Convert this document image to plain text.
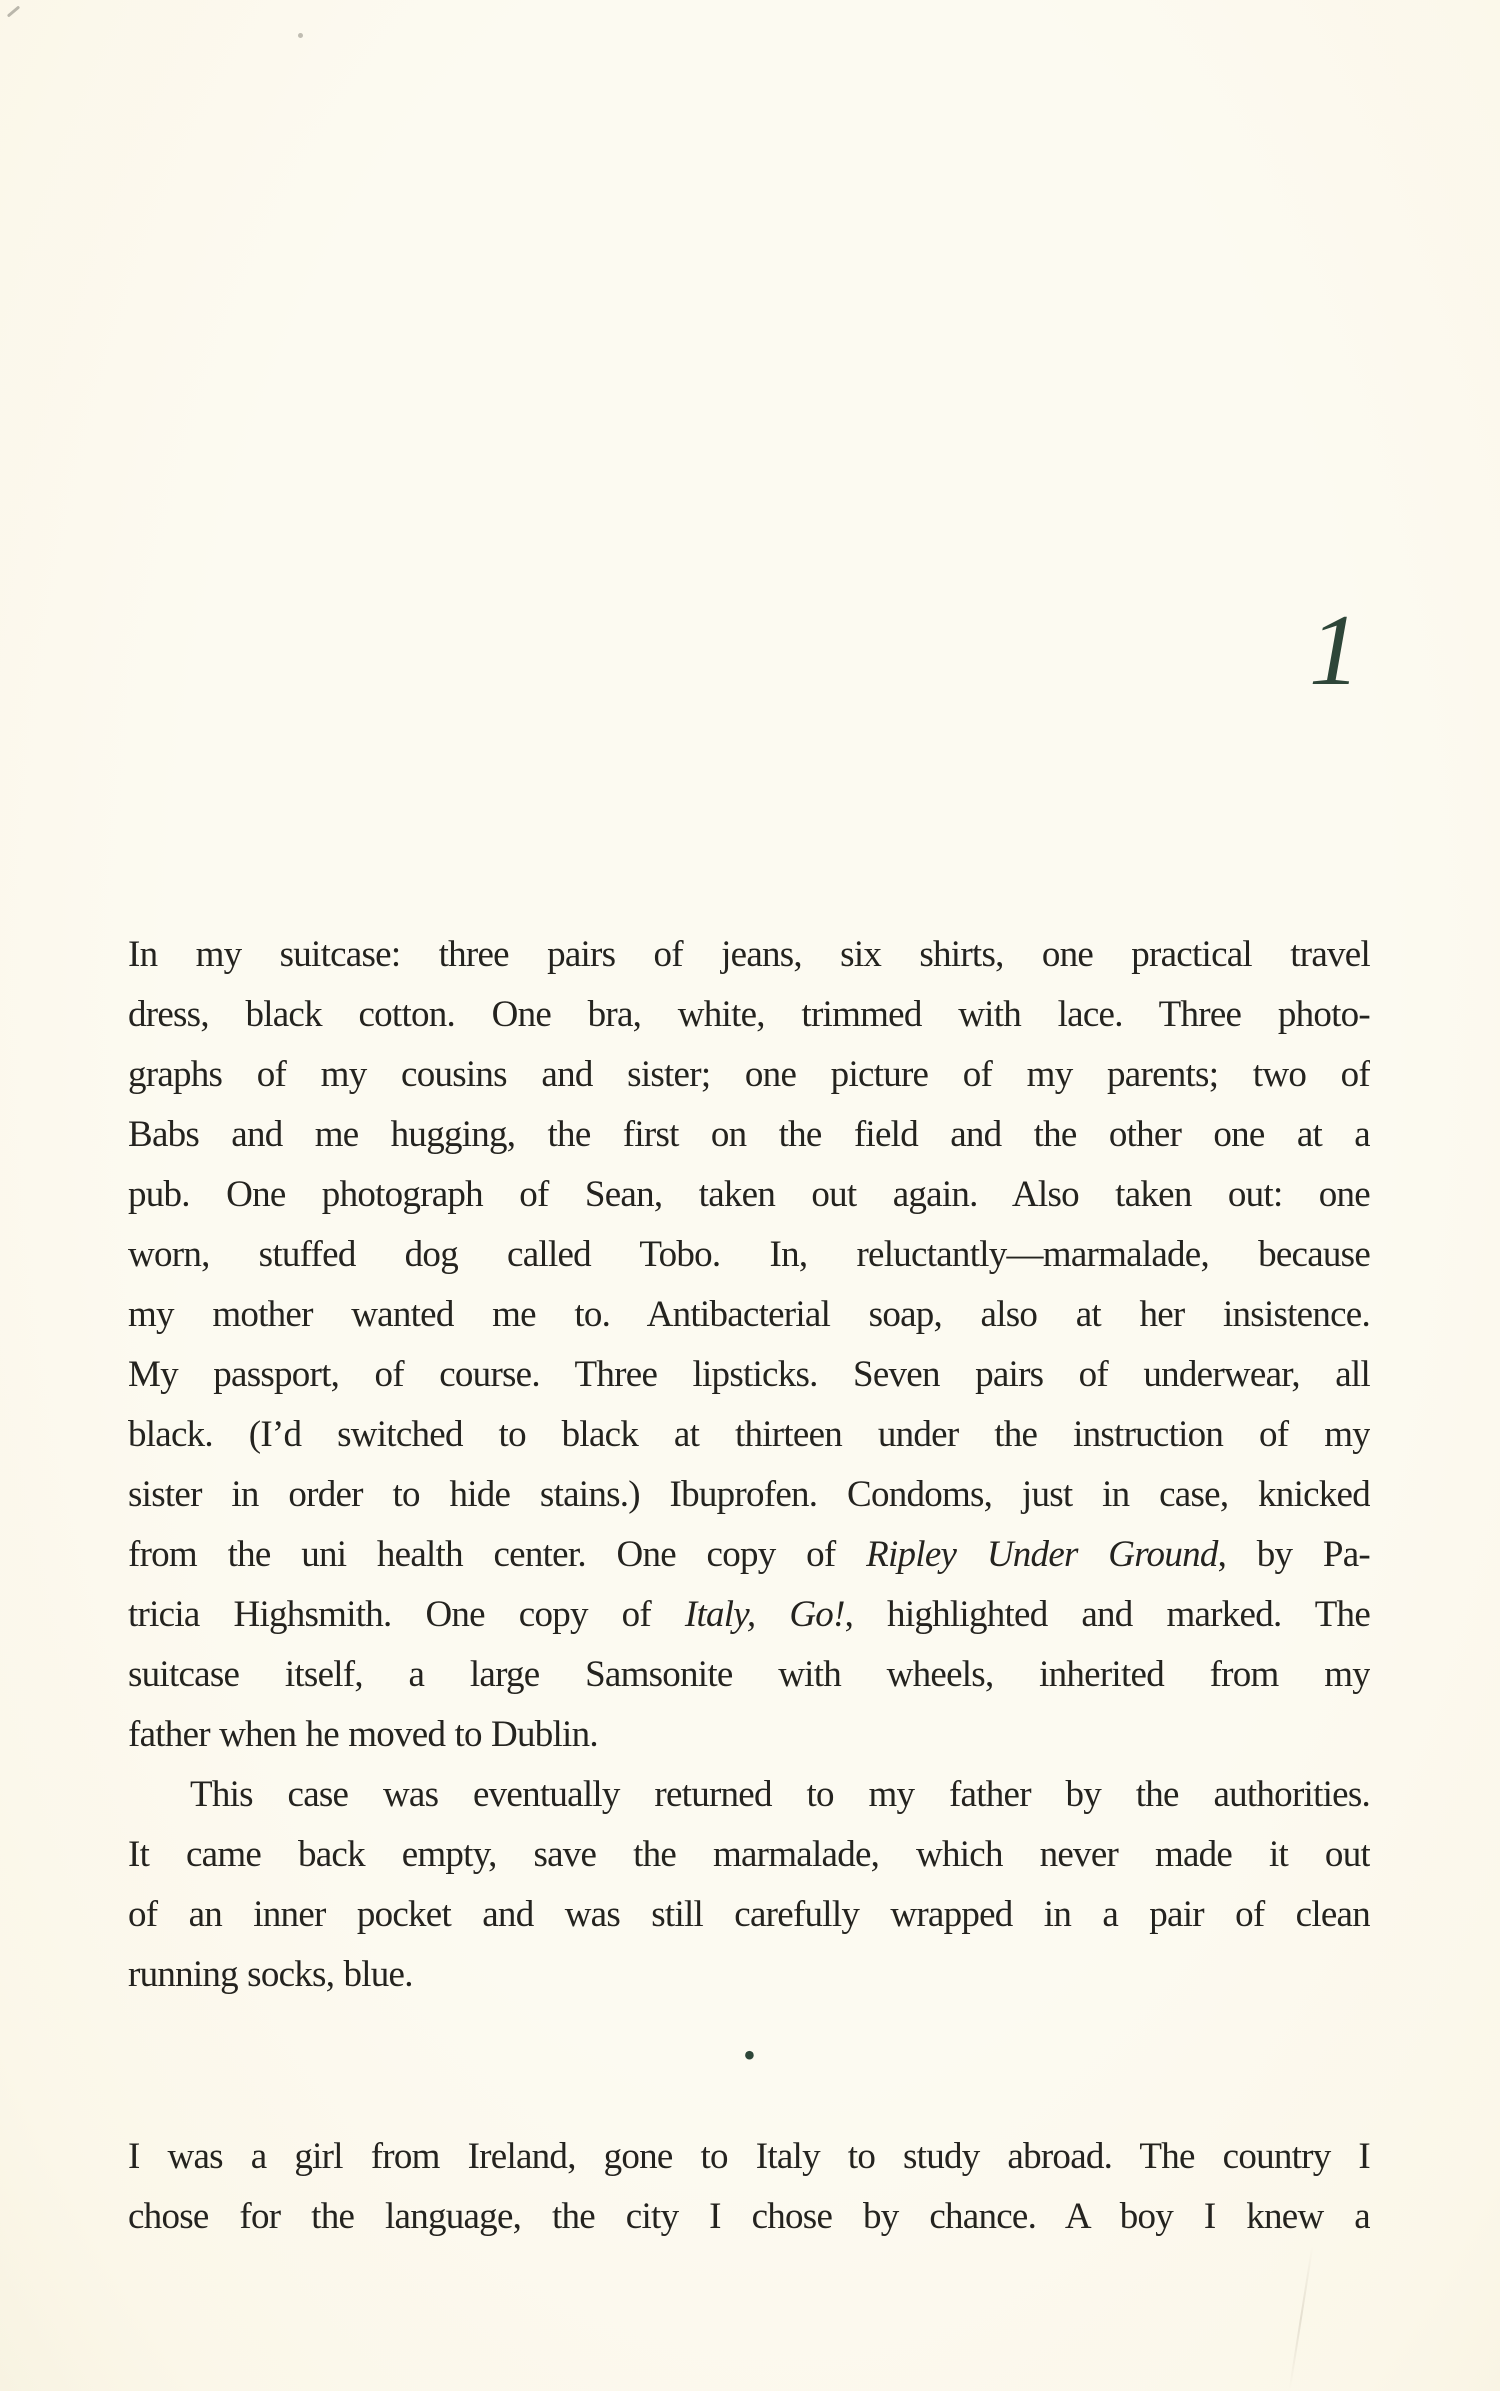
1
In my suitcase: three pairs of jeans, six shirts, one practical travel
dress, black cotton. One bra, white, trimmed with lace. Three photo-
graphs of my cousins and sister; one picture of my parents; two of
Babs and me hugging, the first on the field and the other one at a
pub. One photograph of Sean, taken out again. Also taken out: one
worn, stuffed dog called Tobo. In, reluctantly—marmalade, because
my mother wanted me to. Antibacterial soap, also at her insistence.
My passport, of course. Three lipsticks. Seven pairs of underwear, all
black. (I’d switched to black at thirteen under the instruction of my
sister in order to hide stains.) Ibuprofen. Condoms, just in case, knicked
from the uni health center. One copy of Ripley Under Ground, by Pa-
tricia Highsmith. One copy of Italy, Go!, highlighted and marked. The
suitcase itself, a large Samsonite with wheels, inherited from my
father when he moved to Dublin.
This case was eventually returned to my father by the authorities.
It came back empty, save the marmalade, which never made it out
of an inner pocket and was still carefully wrapped in a pair of clean
running socks, blue.
•
I was a girl from Ireland, gone to Italy to study abroad. The country I
chose for the language, the city I chose by chance. A boy I knew a
